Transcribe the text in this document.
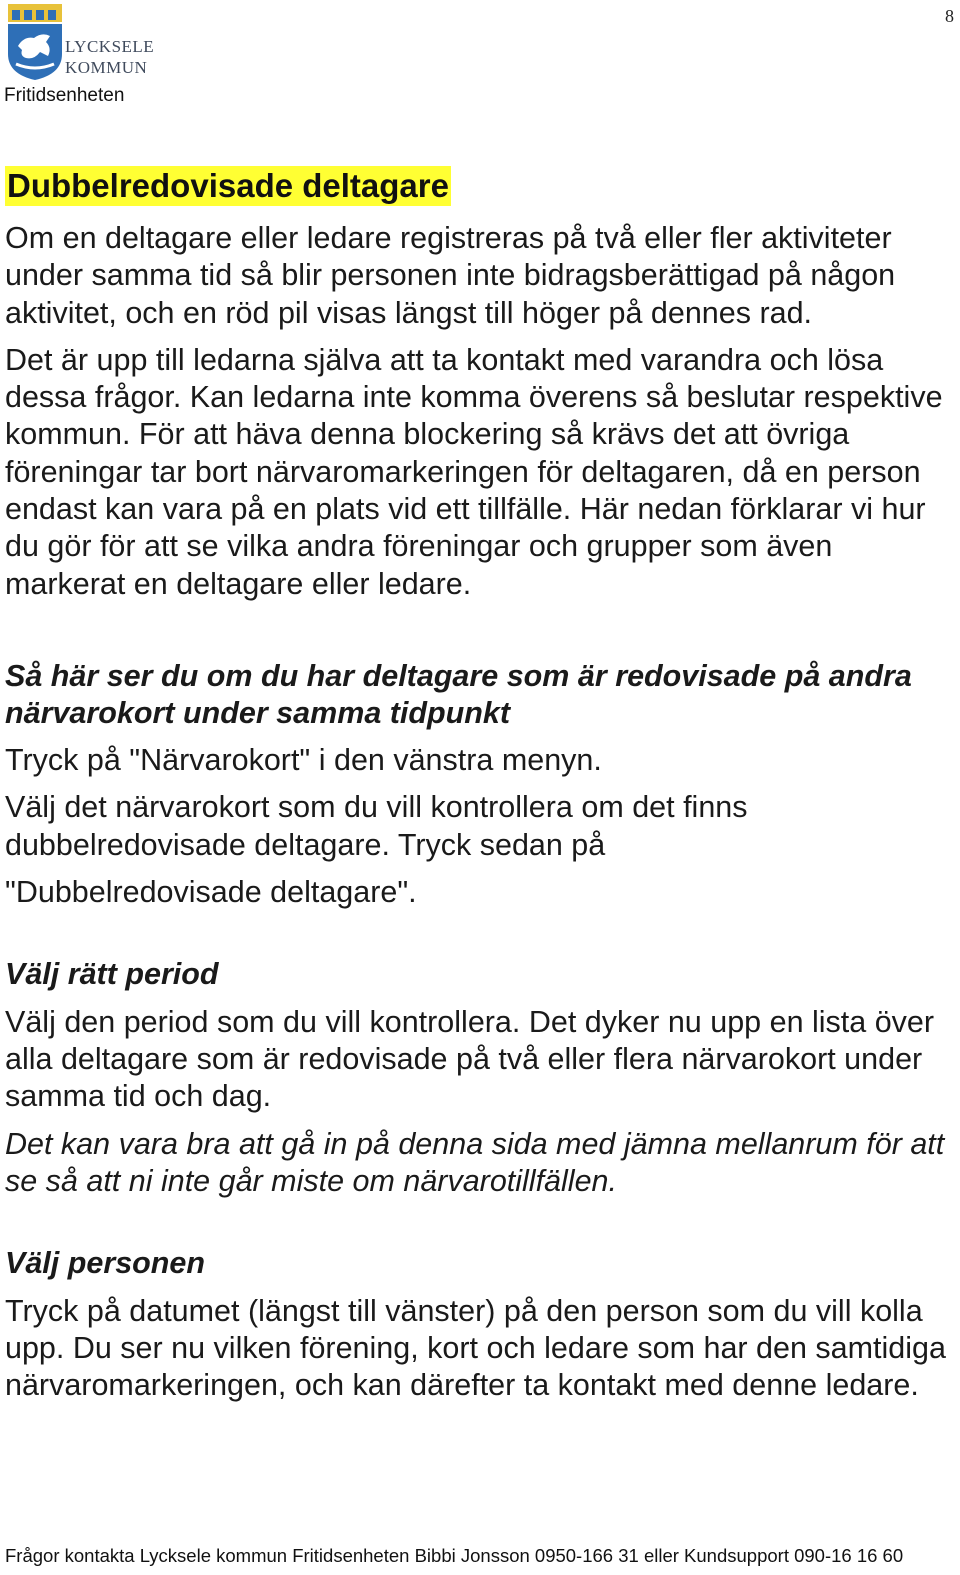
8
LYCKSELE
KOMMUN
Fritidsenheten
Dubbelredovisade deltagare

Om en deltagare eller ledare registreras på två eller fler aktiviteter under samma tid så blir personen inte bidragsberättigad på någon aktivitet, och en röd pil visas längst till höger på dennes rad.

Det är upp till ledarna själva att ta kontakt med varandra och lösa dessa frågor. Kan ledarna inte komma överens så beslutar respektive kommun. För att häva denna blockering så krävs det att övriga föreningar tar bort närvaromarkeringen för deltagaren, då en person endast kan vara på en plats vid ett tillfälle. Här nedan förklarar vi hur du gör för att se vilka andra föreningar och grupper som även markerat en deltagare eller ledare.

Så här ser du om du har deltagare som är redovisade på andra närvarokort under samma tidpunkt

Tryck på "Närvarokort" i den vänstra menyn.

Välj det närvarokort som du vill kontrollera om det finns dubbelredovisade deltagare. Tryck sedan på

"Dubbelredovisade deltagare".

Välj rätt period

Välj den period som du vill kontrollera. Det dyker nu upp en lista över alla deltagare som är redovisade på två eller flera närvarokort under samma tid och dag.

Det kan vara bra att gå in på denna sida med jämna mellanrum för att se så att ni inte går miste om närvarotillfällen.

Välj personen

Tryck på datumet (längst till vänster) på den person som du vill kolla upp. Du ser nu vilken förening, kort och ledare som har den samtidiga närvaromarkeringen, och kan därefter ta kontakt med denne ledare.

Frågor kontakta Lycksele kommun Fritidsenheten Bibbi Jonsson 0950-166 31 eller Kundsupport 090-16 16 60
